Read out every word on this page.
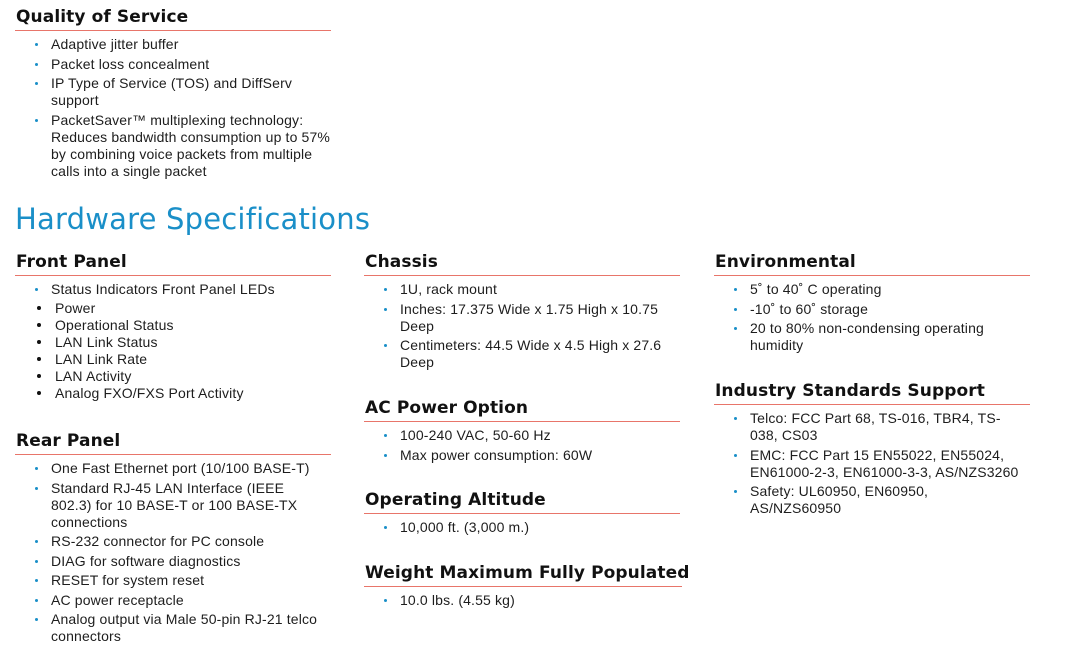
Quality of Service
Adaptive jitter buffer
Packet loss concealment
IP Type of Service (TOS) and DiffServ support
PacketSaver™ multiplexing technology: Reduces bandwidth consumption up to 57% by combining voice packets from multiple calls into a single packet
Hardware Specifications
Front Panel
Status Indicators Front Panel LEDs
Power
Operational Status
LAN Link Status
LAN Link Rate
LAN Activity
Analog FXO/FXS Port Activity
Rear Panel
One Fast Ethernet port (10/100 BASE-T)
Standard RJ-45 LAN Interface (IEEE 802.3) for 10 BASE-T or 100 BASE-TX connections
RS-232 connector for PC console
DIAG for software diagnostics
RESET for system reset
AC power receptacle
Analog output via Male 50-pin RJ-21 telco connectors
Chassis
1U, rack mount
Inches: 17.375 Wide x 1.75 High x 10.75 Deep
Centimeters: 44.5 Wide x 4.5 High x 27.6 Deep
AC Power Option
100-240 VAC, 50-60 Hz
Max power consumption: 60W
Operating Altitude
10,000 ft. (3,000 m.)
Weight Maximum Fully Populated
10.0 lbs. (4.55 kg)
Environmental
5˚ to 40˚ C operating
-10˚ to 60˚ storage
20 to 80% non-condensing operating humidity
Industry Standards Support
Telco: FCC Part 68, TS-016, TBR4, TS-038, CS03
EMC: FCC Part 15 EN55022, EN55024, EN61000-2-3, EN61000-3-3, AS/NZS3260
Safety: UL60950, EN60950, AS/NZS60950
